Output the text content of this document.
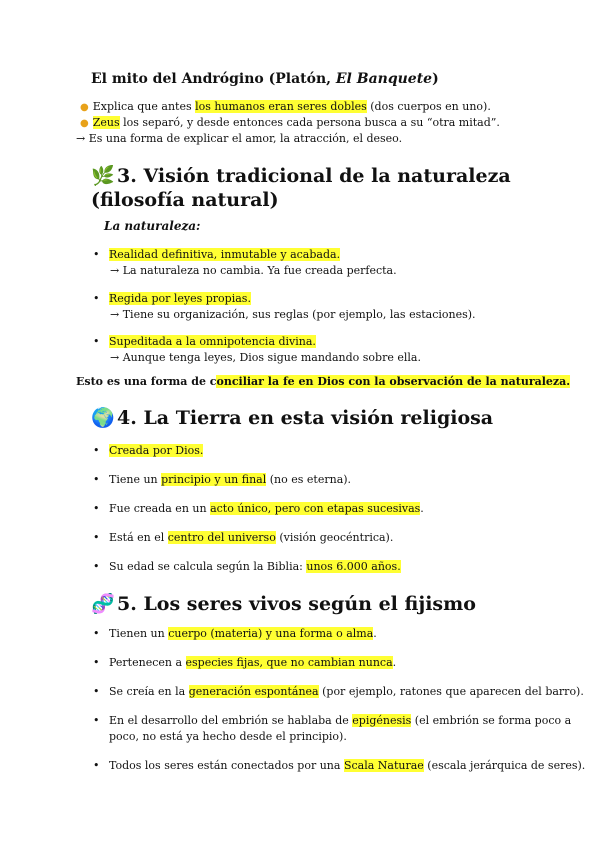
El mito del Andrógino (Platón, El Banquete)
● Explica que antes los humanos eran seres dobles (dos cuerpos en uno).
● Zeus los separó, y desde entonces cada persona busca a su “otra mitad”.
→ Es una forma de explicar el amor, la atracción, el deseo.
🌿 3. Visión tradicional de la naturaleza (filosofía natural)
La naturaleza:
• Realidad definitiva, inmutable y acabada.
→ La naturaleza no cambia. Ya fue creada perfecta.
• Regida por leyes propias.
→ Tiene su organización, sus reglas (por ejemplo, las estaciones).
• Supeditada a la omnipotencia divina.
→ Aunque tenga leyes, Dios sigue mandando sobre ella.
Esto es una forma de conciliar la fe en Dios con la observación de la naturaleza.
🌍 4. La Tierra en esta visión religiosa
• Creada por Dios.
• Tiene un principio y un final (no es eterna).
• Fue creada en un acto único, pero con etapas sucesivas.
• Está en el centro del universo (visión geocéntrica).
• Su edad se calcula según la Biblia: unos 6.000 años.
🧬 5. Los seres vivos según el fijismo
• Tienen un cuerpo (materia) y una forma o alma.
• Pertenecen a especies fijas, que no cambian nunca.
• Se creía en la generación espontánea (por ejemplo, ratones que aparecen del barro).
• En el desarrollo del embrión se hablaba de epigénesis (el embrión se forma poco a
poco, no está ya hecho desde el principio).
• Todos los seres están conectados por una Scala Naturae (escala jerárquica de seres).
